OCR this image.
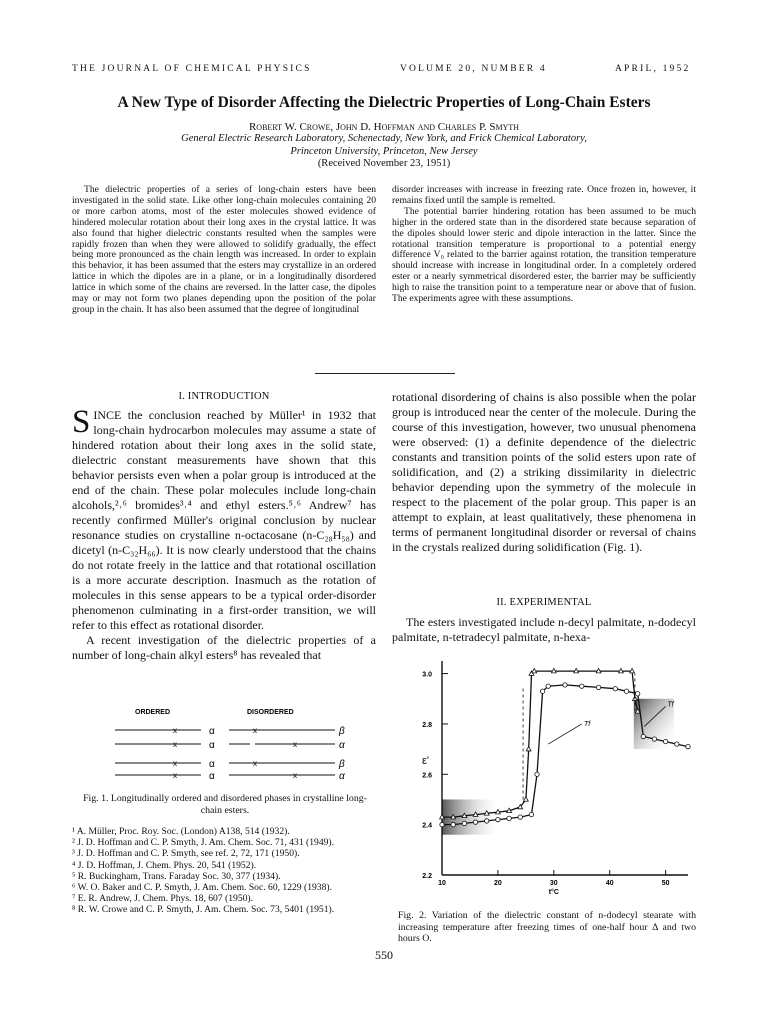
THE JOURNAL OF CHEMICAL PHYSICS	VOLUME 20, NUMBER 4	APRIL, 1952
A New Type of Disorder Affecting the Dielectric Properties of Long-Chain Esters
Robert W. Crowe, John D. Hoffman and Charles P. Smyth
General Electric Research Laboratory, Schenectady, New York, and Frick Chemical Laboratory,
Princeton University, Princeton, New Jersey
(Received November 23, 1951)

The dielectric properties of a series of long-chain esters have been investigated in the solid state. Like other long-chain molecules containing 20 or more carbon atoms, most of the ester molecules showed evidence of hindered molecular rotation about their long axes in the crystal lattice. It was also found that higher dielectric constants resulted when the samples were rapidly frozen than when they were allowed to solidify gradually, the effect being more pronounced as the chain length was increased. In order to explain this behavior, it has been assumed that the esters may crystallize in an ordered lattice in which the dipoles are in a plane, or in a longitudinally disordered lattice in which some of the chains are reversed. In the latter case, the dipoles may or may not form two planes depending upon the position of the polar group in the chain. It has also been assumed that the degree of longitudinal

disorder increases with increase in freezing rate. Once frozen in, however, it remains fixed until the sample is remelted.

The potential barrier hindering rotation has been assumed to be much higher in the ordered state than in the disordered state because separation of the dipoles should lower steric and dipole interaction in the latter. Since the rotational transition temperature is proportional to a potential energy difference V₀ related to the barrier against rotation, the transition temperature should increase with increase in longitudinal order. In a completely ordered ester or a nearly symmetrical disordered ester, the barrier may be sufficiently high to raise the transition point to a temperature near or above that of fusion. The experiments agree with these assumptions.

I. INTRODUCTION

SINCE the conclusion reached by Müller¹ in 1932 that long-chain hydrocarbon molecules may assume a state of hindered rotation about their long axes in the solid state, dielectric constant measurements have shown that this behavior persists even when a polar group is introduced at the end of the chain. These polar molecules include long-chain alcohols,²˒⁶ bromides³˒⁴ and ethyl esters.⁵˒⁶ Andrew⁷ has recently confirmed Müller's original conclusion by nuclear resonance studies on crystalline n-octacosane (n-C₂₈H₅₈) and dicetyl (n-C₃₂H₆₆). It is now clearly understood that the chains do not rotate freely in the lattice and that rotational oscillation is a more accurate description. Inasmuch as the rotation of molecules in this sense appears to be a typical order-disorder phenomenon culminating in a first-order transition, we will refer to this effect as rotational disorder.

A recent investigation of the dielectric properties of a number of long-chain alkyl esters⁸ has revealed that

ORDERED	DISORDERED
x	α	x	β
x	α	x	α
x	α	x	β
x	α	x	α
Fig. 1. Longitudinally ordered and disordered phases in crystalline long-chain esters.
¹ A. Müller, Proc. Roy. Soc. (London) A138, 514 (1932).
² J. D. Hoffman and C. P. Smyth, J. Am. Chem. Soc. 71, 431 (1949).
³ J. D. Hoffman and C. P. Smyth, see ref. 2, 72, 171 (1950).
⁴ J. D. Hoffman, J. Chem. Phys. 20, 541 (1952).
⁵ R. Buckingham, Trans. Faraday Soc. 30, 377 (1934).
⁶ W. O. Baker and C. P. Smyth, J. Am. Chem. Soc. 60, 1229 (1938).
⁷ E. R. Andrew, J. Chem. Phys. 18, 607 (1950).
⁸ R. W. Crowe and C. P. Smyth, J. Am. Chem. Soc. 73, 5401 (1951).

rotational disordering of chains is also possible when the polar group is introduced near the center of the molecule. During the course of this investigation, however, two unusual phenomena were observed: (1) a definite dependence of the dielectric constants and transition points of the solid esters upon rate of solidification, and (2) a striking dissimilarity in dielectric behavior depending upon the symmetry of the molecule in respect to the placement of the polar group. This paper is an attempt to explain, at least qualitatively, these phenomena in terms of permanent longitudinal disorder or reversal of chains in the crystals realized during solidification (Fig. 1).

II. EXPERIMENTAL

The esters investigated include n-decyl palmitate, n-dodecyl palmitate, n-tetradecyl palmitate, n-hexa-

2.2
2.4
2.6
2.8
3.0
10	20	30	40	50
t°C
ε'
Tf
Tf
Fig. 2. Variation of the dielectric constant of n-dodecyl stearate with increasing temperature after freezing times of one-half hour Δ and two hours O.
550
